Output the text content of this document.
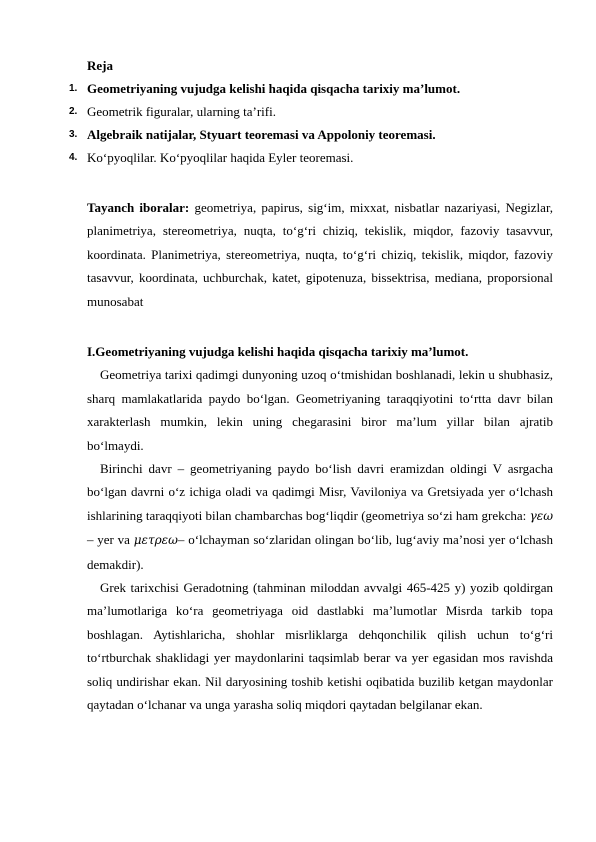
Reja
1. Geometriyaning vujudga kelishi haqida qisqacha tarixiy ma’lumot.
2. Geometrik figuralar, ularning ta’rifi.
3. Algebraik natijalar, Styuart teoremasi va Appoloniy teoremasi.
4. Ko‘pyoqlilar. Ko‘pyoqlilar haqida Eyler teoremasi.
Tayanch iboralar: geometriya, papirus, sig‘im, mixxat, nisbatlar nazariyasi, Negizlar, planimetriya, stereometriya, nuqta, to‘g‘ri chiziq, tekislik, miqdor, fazoviy tasavvur, koordinata. Planimetriya, stereometriya, nuqta, to‘g‘ri chiziq, tekislik, miqdor, fazoviy tasavvur, koordinata, uchburchak, katet, gipotenuza, bissektrisa, mediana, proporsional munosabat
I.Geometriyaning vujudga kelishi haqida qisqacha tarixiy ma’lumot.

Geometriya tarixi qadimgi dunyoning uzoq o‘tmishidan boshlanadi, lekin u shubhasiz, sharq mamlakatlarida paydo bo‘lgan. Geometriyaning taraqqiyotini to‘rtta davr bilan xarakterlash mumkin, lekin uning chegarasini biror ma’lum yillar bilan ajratib bo‘lmaydi.

Birinchi davr – geometriyaning paydo bo‘lish davri eramizdan oldingi V asrgacha bo‘lgan davrni o‘z ichiga oladi va qadimgi Misr, Vaviloniya va Gretsiyada yer o‘lchash ishlarining taraqqiyoti bilan chambarchas bog‘liqdir (geometriya so‘zi ham grekcha: γεω – yer va μετρεω– o‘lchayman so‘zlaridan olingan bo‘lib, lug‘aviy ma’nosi yer o‘lchash demakdir).

Grek tarixchisi Geradotning (tahminan miloddan avvalgi 465-425 y) yozib qoldirgan ma’lumotlariga ko‘ra geometriyaga oid dastlabki ma’lumotlar Misrda tarkib topa boshlagan. Aytishlaricha, shohlar misrliklarga dehqonchilik qilish uchun to‘g‘ri to‘rtburchak shaklidagi yer maydonlarini taqsimlab berar va yer egasidan mos ravishda soliq undirishar ekan. Nil daryosining toshib ketishi oqibatida buzilib ketgan maydonlar qaytadan o‘lchanar va unga yarasha soliq miqdori qaytadan belgilanar ekan.
